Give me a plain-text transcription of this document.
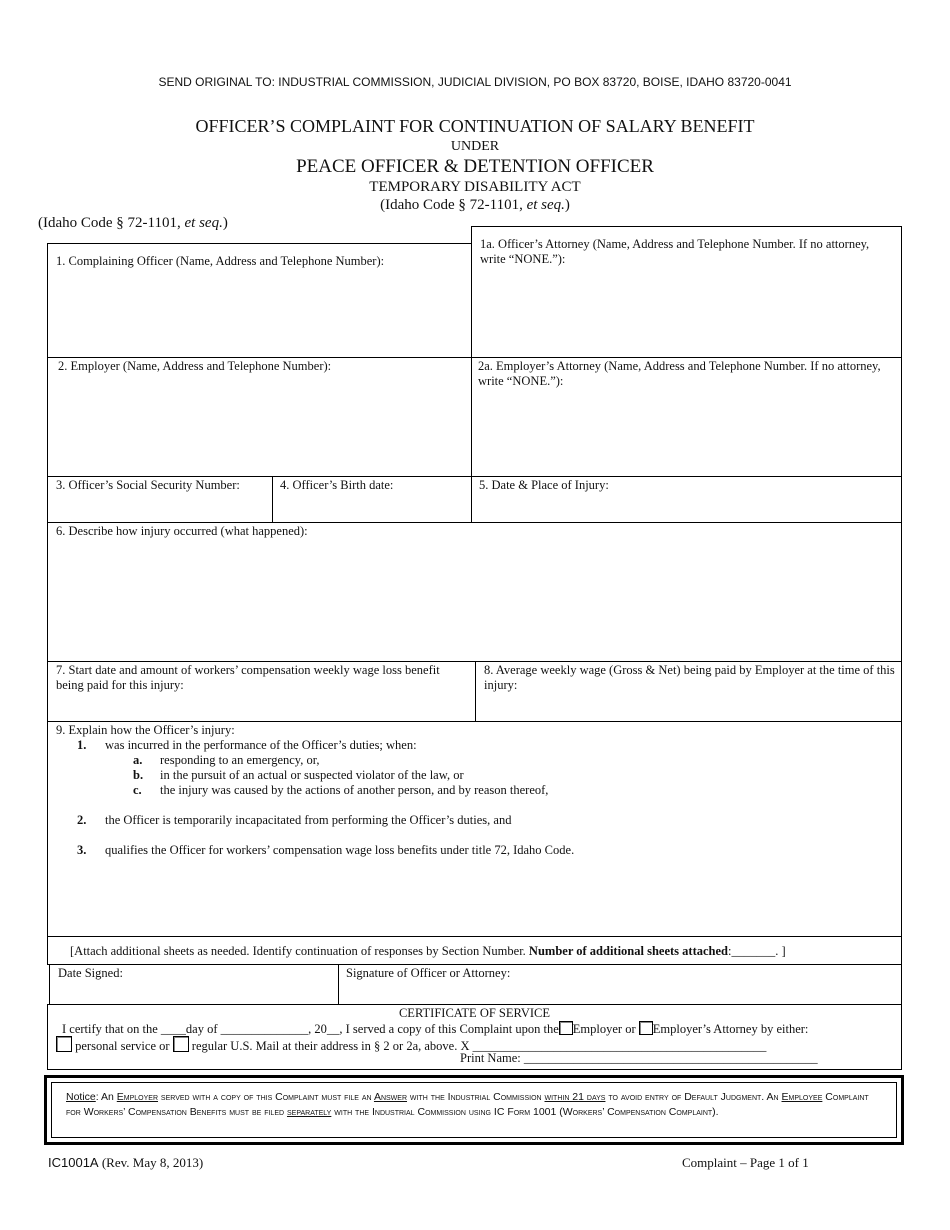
SEND ORIGINAL TO: INDUSTRIAL COMMISSION, JUDICIAL DIVISION, PO BOX 83720, BOISE, IDAHO 83720-0041
OFFICER’S COMPLAINT FOR CONTINUATION OF SALARY BENEFIT
UNDER
PEACE OFFICER & DETENTION OFFICER
TEMPORARY DISABILITY ACT
(Idaho Code § 72-1101, et seq.)
(Idaho Code § 72-1101, et seq.)
1. Complaining Officer (Name, Address and Telephone Number):
1a. Officer’s Attorney (Name, Address and Telephone Number. If no attorney, write “NONE.”):
2. Employer (Name, Address and Telephone Number):	2a. Employer’s Attorney (Name, Address and Telephone Number. If no attorney, write “NONE.”):
3. Officer’s Social Security Number:	4. Officer’s Birth date:	5. Date & Place of Injury:
6. Describe how injury occurred (what happened):
7. Start date and amount of workers’ compensation weekly wage loss benefit being paid for this injury:
8. Average weekly wage (Gross & Net) being paid by Employer at the time of this injury:
9. Explain how the Officer’s injury:
1. was incurred in the performance of the Officer’s duties; when:
a. responding to an emergency, or,
b. in the pursuit of an actual or suspected violator of the law, or
c. the injury was caused by the actions of another person, and by reason thereof,
2. the Officer is temporarily incapacitated from performing the Officer’s duties, and
3. qualifies the Officer for workers’ compensation wage loss benefits under title 72, Idaho Code.
[Attach additional sheets as needed. Identify continuation of responses by Section Number. Number of additional sheets attached:_______. ]
Date Signed:	Signature of Officer or Attorney:
CERTIFICATE OF SERVICE
I certify that on the ____day of ______________, 20__, I served a copy of this Complaint upon the Employer or Employer’s Attorney by either:
personal service or regular U.S. Mail at their address in § 2 or 2a, above. X _______________________________________________
Print Name: _______________________________________________
Notice: An Employer served with a copy of this Complaint must file an Answer with the Industrial Commission within 21 days to avoid entry of Default Judgment. An Employee Complaint for Workers’ Compensation Benefits must be filed separately with the Industrial Commission using IC Form 1001 (Workers’ Compensation Complaint).
IC1001A (Rev. May 8, 2013)	Complaint – Page 1 of 1
